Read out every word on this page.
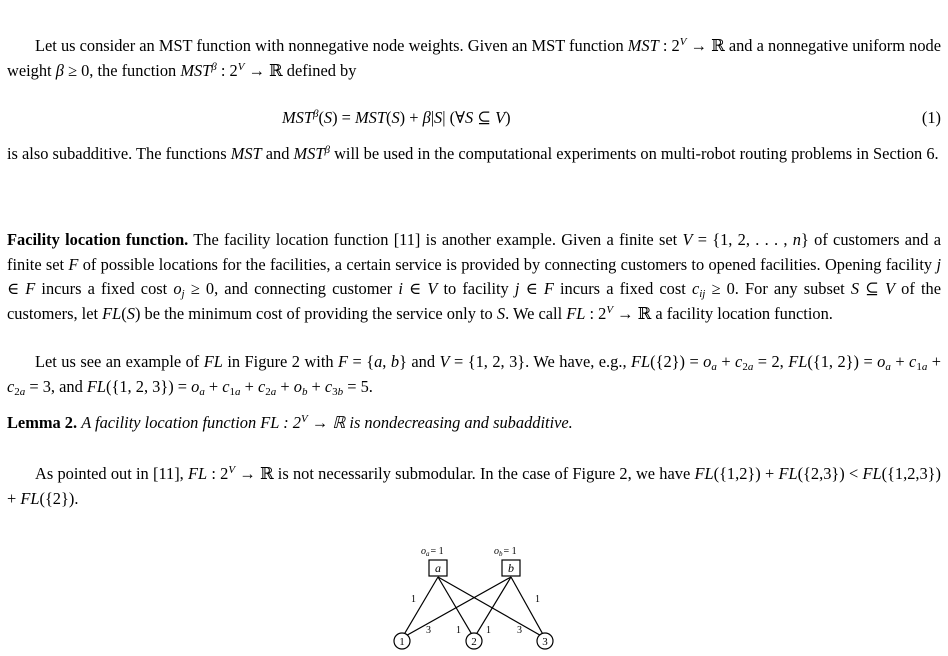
Let us consider an MST function with nonnegative node weights. Given an MST function MST : $2^V$ → ℝ and a nonnegative uniform node weight β ≥ 0, the function $MST^\beta$ : $2^V$ → ℝ defined by

$MST^\beta(S) = MST(S) + \beta|S|$ (∀S ⊆ V)	(1)

is also subadditive. The functions MST and $MST^\beta$ will be used in the computational experiments on multi-robot routing problems in Section 6.

Facility location function. The facility location function [11] is another example. Given a finite set V = {1, 2, . . . , n} of customers and a finite set F of possible locations for the facilities, a certain service is provided by connecting customers to opened facilities. Opening facility j ∈ F incurs a fixed cost $o_j \ge 0$, and connecting customer i ∈ V to facility j ∈ F incurs a fixed cost $c_{ij} \ge 0$. For any subset S ⊆ V of the customers, let FL(S) be the minimum cost of providing the service only to S. We call FL : $2^V$ → ℝ a facility location function.

Let us see an example of FL in Figure 2 with F = {a, b} and V = {1, 2, 3}. We have, e.g., $FL(\{2\}) = o_a + c_{2a} = 2$, FL({1, $2\}) = o_a + c_{1a} + c_{2a} = 3$, and FL({1, 2, $3\}) = o_a + c_{1a} + c_{2a} + o_b + c_{3b} = 5$.

Lemma 2. A facility location function FL : $2^V$ → ℝ is nondecreasing and subadditive.

As pointed out in [11], FL : $2^V$ → ℝ is not necessarily submodular. In the case of Figure 2, we have FL({1,2}) + FL({2,3}) < FL({1,2,3}) + FL({2}).

a	b
$o_a= 1$	$o_b= 1$
1	2	3
1
3	1	1	3
1
